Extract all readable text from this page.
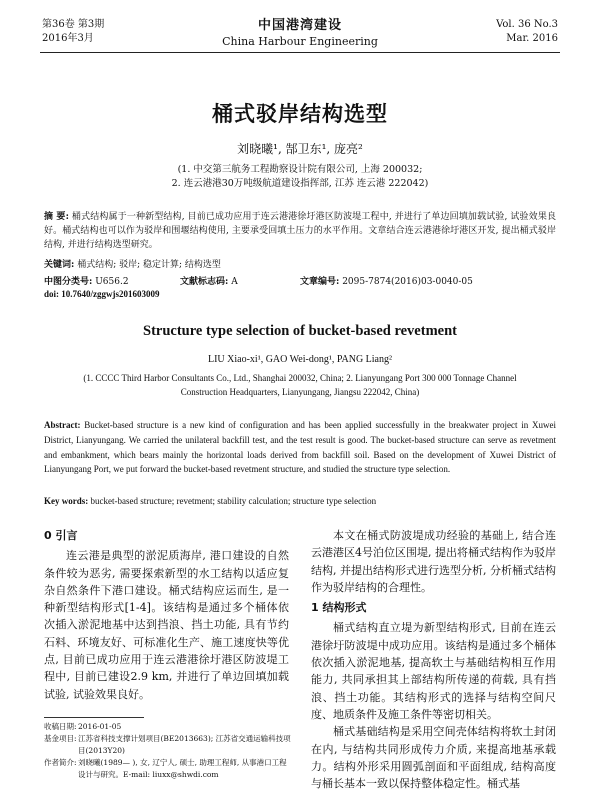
第36卷 第3期
2016年3月
中国港湾建设
China Harbour Engineering
Vol. 36 No.3
Mar. 2016
桶式驳岸结构选型
刘晓曦¹, 郜卫东¹, 庞亮²
(1. 中交第三航务工程勘察设计院有限公司, 上海 200032;
2. 连云港港30万吨级航道建设指挥部, 江苏 连云港 222042)
摘 要: 桶式结构属于一种新型结构, 目前已成功应用于连云港港徐圩港区防波堤工程中, 并进行了单边回填加载试验, 试验效果良好。桶式结构也可以作为驳岸和围堰结构使用, 主要承受回填土压力的水平作用。文章结合连云港港徐圩港区开发, 提出桶式驳岸结构, 并进行结构选型研究。
关键词: 桶式结构; 驳岸; 稳定计算; 结构选型
中图分类号: U656.2	文献标志码: A	文章编号: 2095-7874(2016)03-0040-05
doi: 10.7640/zggwjs201603009
Structure type selection of bucket-based revetment
LIU Xiao-xi¹, GAO Wei-dong¹, PANG Liang²
(1. CCCC Third Harbor Consultants Co., Ltd., Shanghai 200032, China; 2. Lianyungang Port 300 000 Tonnage Channel Construction Headquarters, Lianyungang, Jiangsu 222042, China)
Abstract: Bucket-based structure is a new kind of configuration and has been applied successfully in the breakwater project in Xuwei District, Lianyungang. We carried the unilateral backfill test, and the test result is good. The bucket-based structure can serve as revetment and embankment, which bears mainly the horizontal loads derived from backfill soil. Based on the development of Xuwei District of Lianyungang Port, we put forward the bucket-based revetment structure, and studied the structure type selection.
Key words: bucket-based structure; revetment; stability calculation; structure type selection
0 引言
连云港是典型的淤泥质海岸, 港口建设的自然条件较为恶劣, 需要探索新型的水工结构以适应复杂自然条件下港口建设。桶式结构应运而生, 是一种新型结构形式[1-4]。该结构是通过多个桶体依次插入淤泥地基中达到挡浪、挡土功能, 具有节约石料、环境友好、可标准化生产、施工速度快等优点, 目前已成功应用于连云港港徐圩港区防波堤工程中, 目前已建设2.9 km, 并进行了单边回填加载试验, 试验效果良好。
本文在桶式防波堤成功经验的基础上, 结合连云港港区4号泊位区围堤, 提出将桶式结构作为驳岸结构, 并提出结构形式进行选型分析, 分析桶式结构作为驳岸结构的合理性。
1 结构形式
桶式结构直立堤为新型结构形式, 目前在连云港徐圩防波堤中成功应用。该结构是通过多个桶体依次插入淤泥地基, 提高软土与基础结构相互作用能力, 共同承担其上部结构所传递的荷载, 具有挡浪、挡土功能。其结构形式的选择与结构空间尺度、地质条件及施工条件等密切相关。
桶式基础结构是采用空间壳体结构将软土封闭在内, 与结构共同形成传力介质, 来提高地基承载力。结构外形采用圆弧剖面和平面组成, 结构高度与桶长基本一致以保持整体稳定性。桶式基
收稿日期: 2016-01-05
基金项目: 江苏省科技支撑计划项目(BE2013663); 江苏省交通运输科技项目(2013Y20)
作者简介: 刘晓曦(1989— ), 女, 辽宁人, 硕士, 助理工程师, 从事港口工程设计与研究。E-mail: liuxx@shwdi.com
